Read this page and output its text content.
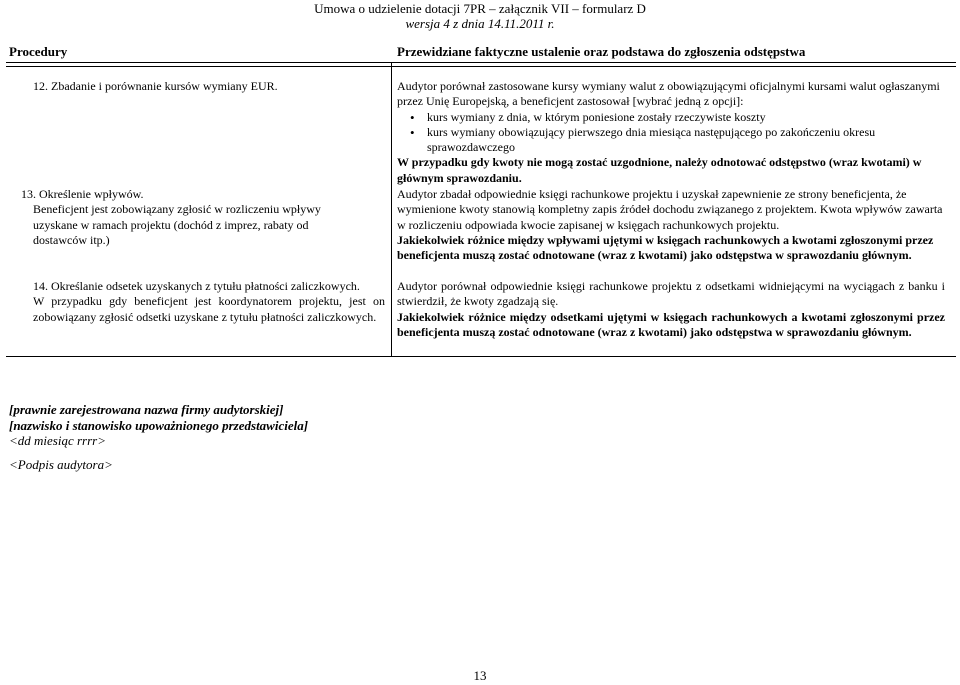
Umowa o udzielenie dotacji 7PR – załącznik VII – formularz D
wersja 4 z dnia 14.11.2011 r.
Procedury	Przewidziane faktyczne ustalenie oraz podstawa do zgłoszenia odstępstwa
12. Zbadanie i porównanie kursów wymiany EUR.	Audytor porównał zastosowane kursy wymiany walut z obowiązującymi oficjalnymi kursami walut ogłaszanymi przez Unię Europejską, a beneficjent zastosował [wybrać jedną z opcji]:

• kurs wymiany z dnia, w którym poniesione zostały rzeczywiste koszty
• kurs wymiany obowiązujący pierwszego dnia miesiąca następującego po zakończeniu okresu sprawozdawczego

W przypadku gdy kwoty nie mogą zostać uzgodnione, należy odnotować odstępstwo (wraz kwotami) w głównym sprawozdaniu.

13. Określenie wpływów.

Beneficjent jest zobowiązany zgłosić w rozliczeniu wpływy uzyskane w ramach projektu (dochód z imprez, rabaty od dostawców itp.)

Audytor zbadał odpowiednie księgi rachunkowe projektu i uzyskał zapewnienie ze strony beneficjenta, że wymienione kwoty stanowią kompletny zapis źródeł dochodu związanego z projektem. Kwota wpływów zawarta w rozliczeniu odpowiada kwocie zapisanej w księgach rachunkowych projektu.

Jakiekolwiek różnice między wpływami ujętymi w księgach rachunkowych a kwotami zgłoszonymi przez beneficjenta muszą zostać odnotowane (wraz z kwotami) jako odstępstwa w sprawozdaniu głównym.

14. Określanie odsetek uzyskanych z tytułu płatności zaliczkowych.

W przypadku gdy beneficjent jest koordynatorem projektu, jest on zobowiązany zgłosić odsetki uzyskane z tytułu płatności zaliczkowych.

Audytor porównał odpowiednie księgi rachunkowe projektu z odsetkami widniejącymi na wyciągach z banku i stwierdził, że kwoty zgadzają się.

Jakiekolwiek różnice między odsetkami ujętymi w księgach rachunkowych a kwotami zgłoszonymi przez beneficjenta muszą zostać odnotowane (wraz z kwotami) jako odstępstwa w sprawozdaniu głównym.

[prawnie zarejestrowana nazwa firmy audytorskiej]

[nazwisko i stanowisko upoważnionego przedstawiciela]

<dd miesiąc rrrr>

<Podpis audytora>

13
